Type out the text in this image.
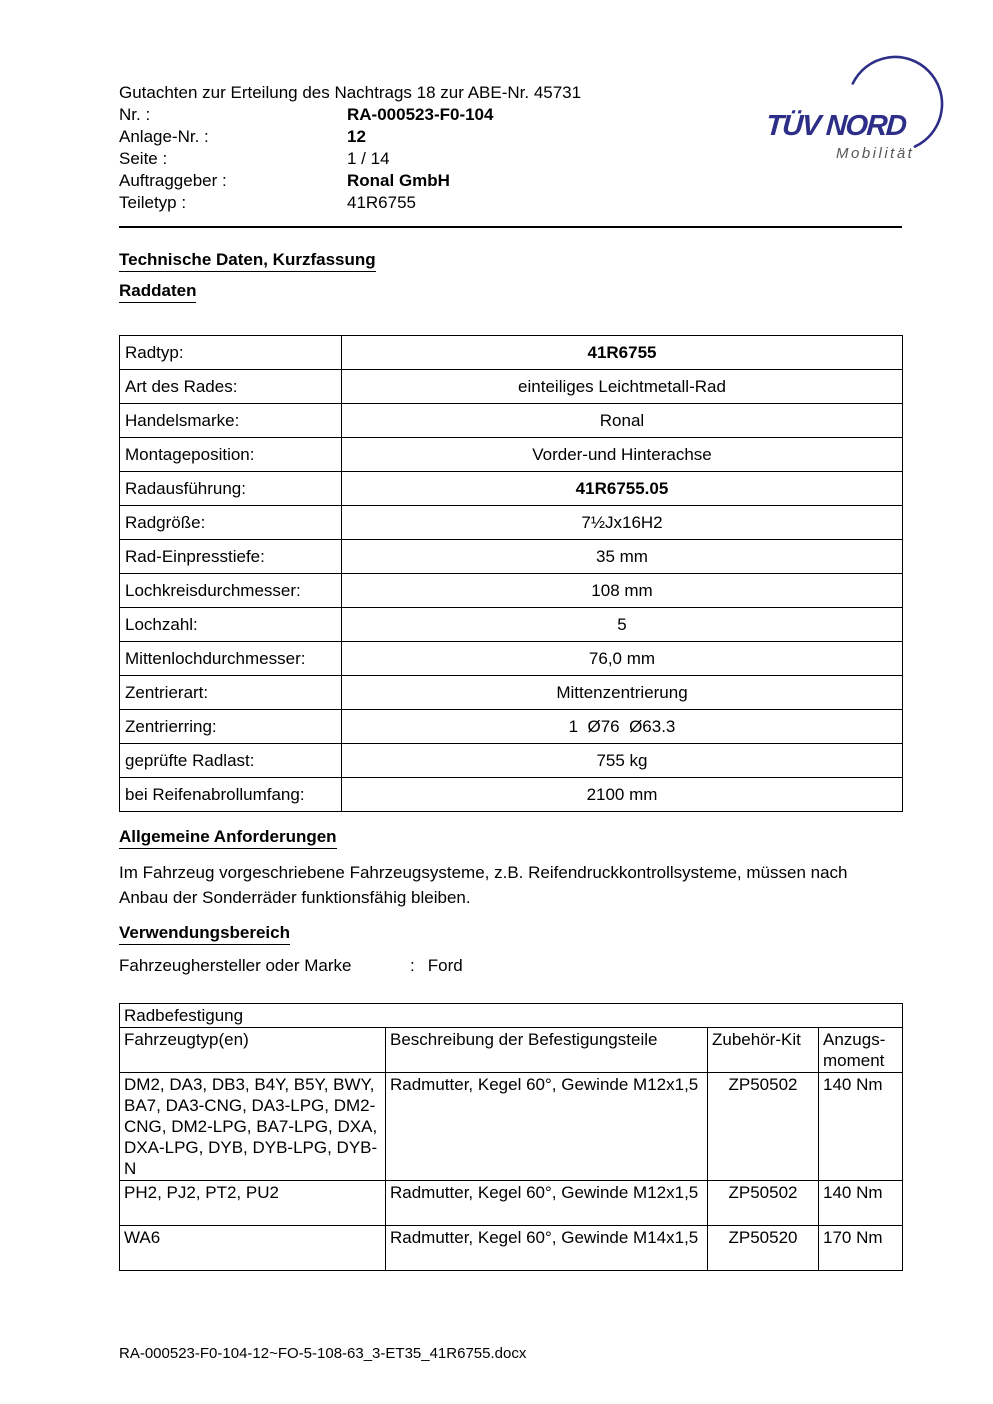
Gutachten zur Erteilung des Nachtrags 18 zur ABE-Nr. 45731
Nr. :	RA-000523-F0-104
Anlage-Nr. :	12
Seite :	1 / 14
Auftraggeber :	Ronal GmbH
Teiletyp :	41R6755
TÜV NORD
Mobilität
Technische Daten, Kurzfassung
Raddaten
Radtyp:	41R6755
Art des Rades:	einteiliges Leichtmetall-Rad
Handelsmarke:	Ronal
Montageposition:	Vorder-und Hinterachse
Radausführung:	41R6755.05
Radgröße:	7½Jx16H2
Rad-Einpresstiefe:	35 mm
Lochkreisdurchmesser:	108 mm
Lochzahl:	5
Mittenlochdurchmesser:	76,0 mm
Zentrierart:	Mittenzentrierung
Zentrierring:	1  Ø76  Ø63.3
geprüfte Radlast:	755 kg
bei Reifenabrollumfang:	2100 mm
Allgemeine Anforderungen
Im Fahrzeug vorgeschriebene Fahrzeugsysteme, z.B. Reifendruckkontrollsysteme, müssen nach Anbau der Sonderräder funktionsfähig bleiben.
Verwendungsbereich
Fahrzeughersteller oder Marke	: Ford
Radbefestigung			
Fahrzeugtyp(en)	Beschreibung der Befestigungsteile	Zubehör-Kit	Anzugs-moment
DM2, DA3, DB3, B4Y, B5Y, BWY, BA7, DA3-CNG, DA3-LPG, DM2-CNG, DM2-LPG, BA7-LPG, DXA, DXA-LPG, DYB, DYB-LPG, DYB-N	Radmutter, Kegel 60°, Gewinde M12x1,5	ZP50502	140 Nm
PH2, PJ2, PT2, PU2	Radmutter, Kegel 60°, Gewinde M12x1,5	ZP50502	140 Nm
WA6	Radmutter, Kegel 60°, Gewinde M14x1,5	ZP50520	170 Nm
RA-000523-F0-104-12~FO-5-108-63_3-ET35_41R6755.docx
